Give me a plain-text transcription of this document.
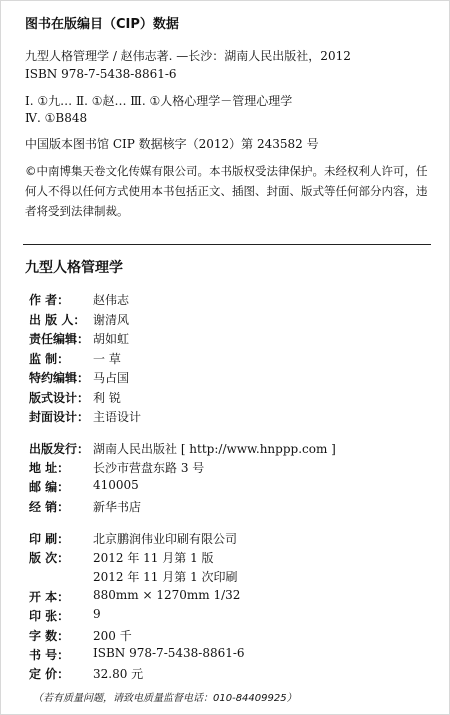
图书在版编目（CIP）数据
九型人格管理学 / 赵伟志著. —长沙：湖南人民出版社，2012
ISBN 978-7-5438-8861-6
Ⅰ. ①九… Ⅱ. ①赵… Ⅲ. ①人格心理学－管理心理学
Ⅳ. ①B848
中国版本图书馆 CIP 数据核字（2012）第 243582 号
©中南博集天卷文化传媒有限公司。本书版权受法律保护。未经权利人许可，任何人不得以任何方式使用本书包括正文、插图、封面、版式等任何部分内容，违者将受到法律制裁。
九型人格管理学
作 者：	赵伟志
出 版 人： 谢清风
责任编辑： 胡如虹
监 制：	一 草
特约编辑： 马占国
版式设计： 利 锐
封面设计： 主语设计
出版发行： 湖南人民出版社 [ http://www.hnppp.com ]
地 址：	长沙市营盘东路 3 号
邮 编：	410005
经 销：	新华书店
印 刷：	北京鹏润伟业印刷有限公司
版 次：	2012 年 11 月第 1 版
2012 年 11 月第 1 次印刷
开 本：	880mm × 1270mm 1/32
印 张：	9
字 数：	200 千
书 号：	ISBN 978-7-5438-8861-6
定 价：	32.80 元
（若有质量问题，请致电质量监督电话：010-84409925）
